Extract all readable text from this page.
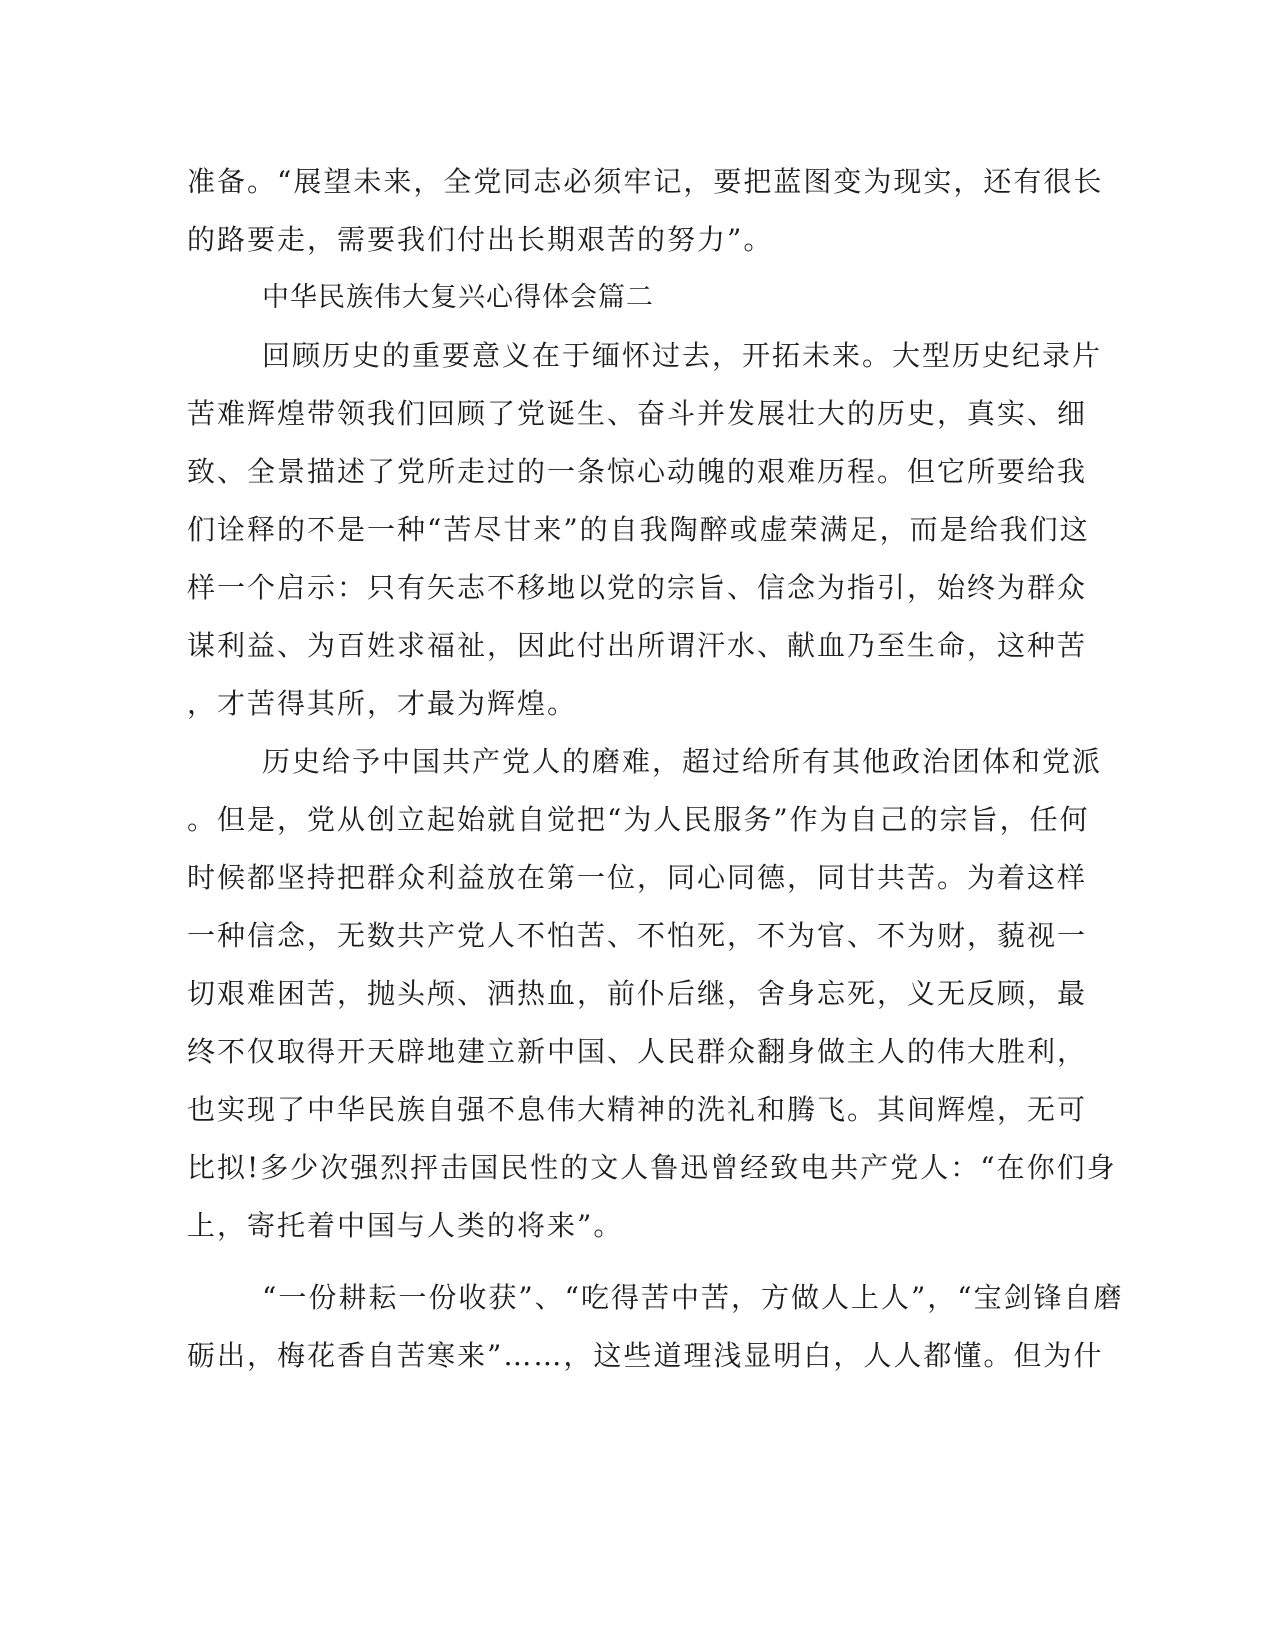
准备。“展望未来，全党同志必须牢记，要把蓝图变为现实，还有很长

的路要走，需要我们付出长期艰苦的努力”。

中华民族伟大复兴心得体会篇二

回顾历史的重要意义在于缅怀过去，开拓未来。大型历史纪录片

苦难辉煌带领我们回顾了党诞生、奋斗并发展壮大的历史，真实、细

致、全景描述了党所走过的一条惊心动魄的艰难历程。但它所要给我

们诠释的不是一种“苦尽甘来”的自我陶醉或虚荣满足，而是给我们这

样一个启示：只有矢志不移地以党的宗旨、信念为指引，始终为群众

谋利益、为百姓求福祉，因此付出所谓汗水、献血乃至生命，这种苦

，才苦得其所，才最为辉煌。

历史给予中国共产党人的磨难，超过给所有其他政治团体和党派

。但是，党从创立起始就自觉把“为人民服务”作为自己的宗旨，任何

时候都坚持把群众利益放在第一位，同心同德，同甘共苦。为着这样

一种信念，无数共产党人不怕苦、不怕死，不为官、不为财，藐视一

切艰难困苦，抛头颅、洒热血，前仆后继，舍身忘死，义无反顾，最

终不仅取得开天辟地建立新中国、人民群众翻身做主人的伟大胜利，

也实现了中华民族自强不息伟大精神的洗礼和腾飞。其间辉煌，无可

比拟!多少次强烈抨击国民性的文人鲁迅曾经致电共产党人：“在你们身

上，寄托着中国与人类的将来”。

“一份耕耘一份收获”、“吃得苦中苦，方做人上人”，“宝剑锋自磨

砺出，梅花香自苦寒来”……，这些道理浅显明白，人人都懂。但为什
